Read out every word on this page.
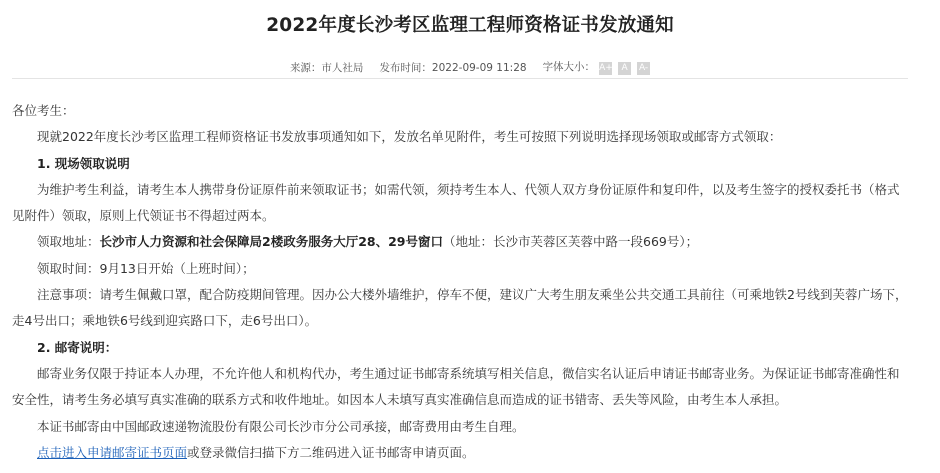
2022年度长沙考区监理工程师资格证书发放通知
来源：市人社局 发布时间：2022-09-09 11:28 字体大小： A+ A A-

各位考生：

现就2022年度长沙考区监理工程师资格证书发放事项通知如下，发放名单见附件，考生可按照下列说明选择现场领取或邮寄方式领取：

1. 现场领取说明

为维护考生利益，请考生本人携带身份证原件前来领取证书；如需代领，须持考生本人、代领人双方身份证原件和复印件，以及考生签字的授权委托书（格式见附件）领取，原则上代领证书不得超过两本。

领取地址：长沙市人力资源和社会保障局2楼政务服务大厅28、29号窗口（地址：长沙市芙蓉区芙蓉中路一段669号）；

领取时间：9月13日开始（上班时间）；

注意事项：请考生佩戴口罩，配合防疫期间管理。因办公大楼外墙维护，停车不便，建议广大考生朋友乘坐公共交通工具前往（可乘地铁2号线到芙蓉广场下，走4号出口；乘地铁6号线到迎宾路口下，走6号出口）。

2. 邮寄说明：

邮寄业务仅限于持证本人办理，不允许他人和机构代办，考生通过证书邮寄系统填写相关信息，微信实名认证后申请证书邮寄业务。为保证证书邮寄准确性和安全性，请考生务必填写真实准确的联系方式和收件地址。如因本人未填写真实准确信息而造成的证书错寄、丢失等风险，由考生本人承担。

本证书邮寄由中国邮政速递物流股份有限公司长沙市分公司承接，邮寄费用由考生自理。

点击进入申请邮寄证书页面或登录微信扫描下方二维码进入证书邮寄申请页面。
